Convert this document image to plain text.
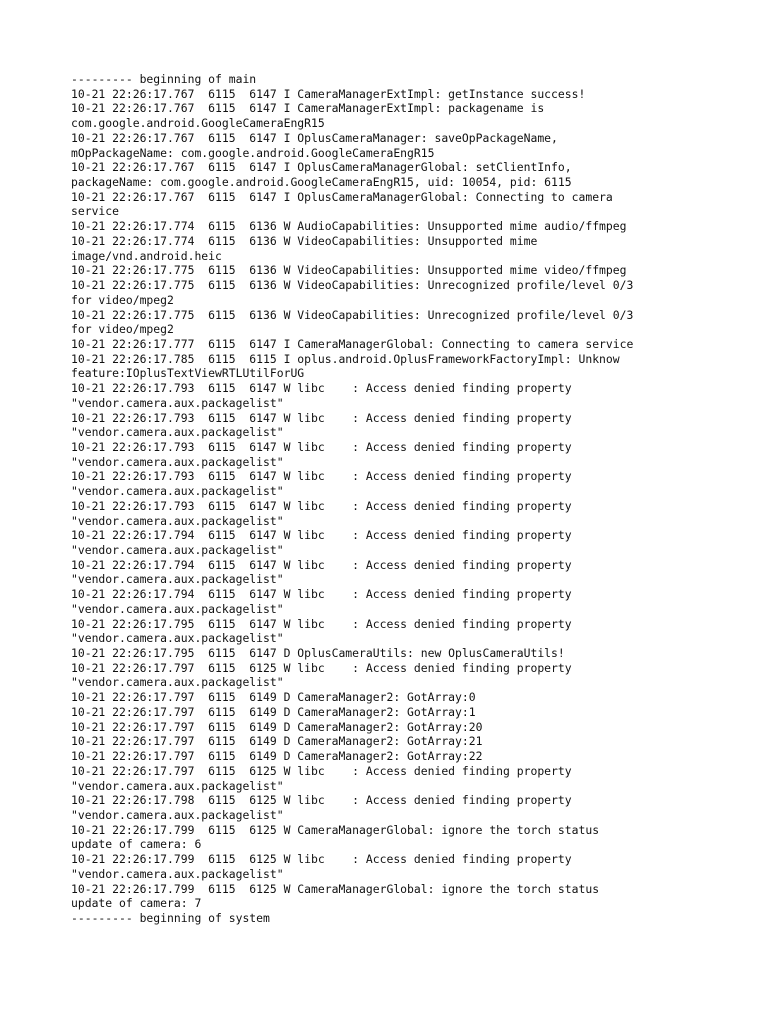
--------- beginning of main
10-21 22:26:17.767  6115  6147 I CameraManagerExtImpl: getInstance success!
10-21 22:26:17.767  6115  6147 I CameraManagerExtImpl: packagename is
com.google.android.GoogleCameraEngR15
10-21 22:26:17.767  6115  6147 I OplusCameraManager: saveOpPackageName,
mOpPackageName: com.google.android.GoogleCameraEngR15
10-21 22:26:17.767  6115  6147 I OplusCameraManagerGlobal: setClientInfo,
packageName: com.google.android.GoogleCameraEngR15, uid: 10054, pid: 6115
10-21 22:26:17.767  6115  6147 I OplusCameraManagerGlobal: Connecting to camera
service
10-21 22:26:17.774  6115  6136 W AudioCapabilities: Unsupported mime audio/ffmpeg
10-21 22:26:17.774  6115  6136 W VideoCapabilities: Unsupported mime
image/vnd.android.heic
10-21 22:26:17.775  6115  6136 W VideoCapabilities: Unsupported mime video/ffmpeg
10-21 22:26:17.775  6115  6136 W VideoCapabilities: Unrecognized profile/level 0/3
for video/mpeg2
10-21 22:26:17.775  6115  6136 W VideoCapabilities: Unrecognized profile/level 0/3
for video/mpeg2
10-21 22:26:17.777  6115  6147 I CameraManagerGlobal: Connecting to camera service
10-21 22:26:17.785  6115  6115 I oplus.android.OplusFrameworkFactoryImpl: Unknow
feature:IOplusTextViewRTLUtilForUG
10-21 22:26:17.793  6115  6147 W libc    : Access denied finding property
"vendor.camera.aux.packagelist"
10-21 22:26:17.793  6115  6147 W libc    : Access denied finding property
"vendor.camera.aux.packagelist"
10-21 22:26:17.793  6115  6147 W libc    : Access denied finding property
"vendor.camera.aux.packagelist"
10-21 22:26:17.793  6115  6147 W libc    : Access denied finding property
"vendor.camera.aux.packagelist"
10-21 22:26:17.793  6115  6147 W libc    : Access denied finding property
"vendor.camera.aux.packagelist"
10-21 22:26:17.794  6115  6147 W libc    : Access denied finding property
"vendor.camera.aux.packagelist"
10-21 22:26:17.794  6115  6147 W libc    : Access denied finding property
"vendor.camera.aux.packagelist"
10-21 22:26:17.794  6115  6147 W libc    : Access denied finding property
"vendor.camera.aux.packagelist"
10-21 22:26:17.795  6115  6147 W libc    : Access denied finding property
"vendor.camera.aux.packagelist"
10-21 22:26:17.795  6115  6147 D OplusCameraUtils: new OplusCameraUtils!
10-21 22:26:17.797  6115  6125 W libc    : Access denied finding property
"vendor.camera.aux.packagelist"
10-21 22:26:17.797  6115  6149 D CameraManager2: GotArray:0
10-21 22:26:17.797  6115  6149 D CameraManager2: GotArray:1
10-21 22:26:17.797  6115  6149 D CameraManager2: GotArray:20
10-21 22:26:17.797  6115  6149 D CameraManager2: GotArray:21
10-21 22:26:17.797  6115  6149 D CameraManager2: GotArray:22
10-21 22:26:17.797  6115  6125 W libc    : Access denied finding property
"vendor.camera.aux.packagelist"
10-21 22:26:17.798  6115  6125 W libc    : Access denied finding property
"vendor.camera.aux.packagelist"
10-21 22:26:17.799  6115  6125 W CameraManagerGlobal: ignore the torch status
update of camera: 6
10-21 22:26:17.799  6115  6125 W libc    : Access denied finding property
"vendor.camera.aux.packagelist"
10-21 22:26:17.799  6115  6125 W CameraManagerGlobal: ignore the torch status
update of camera: 7
--------- beginning of system
